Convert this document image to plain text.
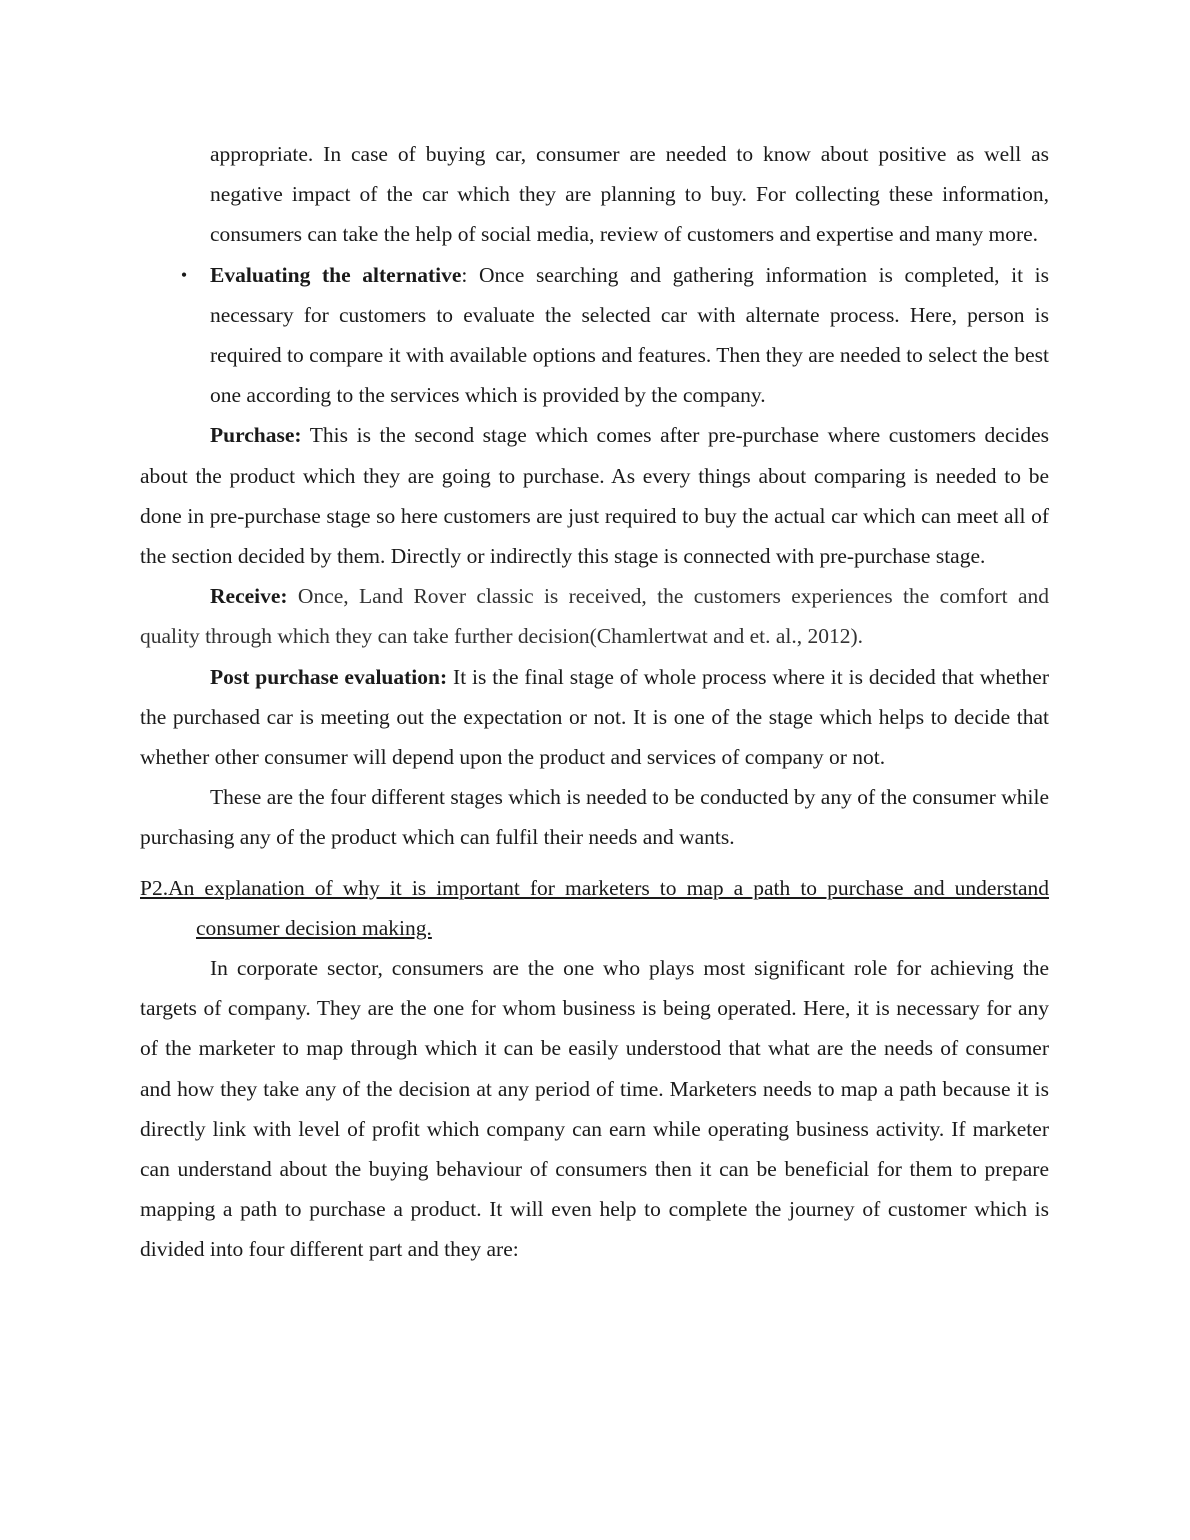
appropriate. In case of buying car, consumer are needed to know about positive as well as negative impact of the car which they are planning to buy. For collecting these information, consumers can take the help of social media, review of customers and expertise and many more.

•	Evaluating the alternative: Once searching and gathering information is completed, it is necessary for customers to evaluate the selected car with alternate process. Here, person is required to compare it with available options and features. Then they are needed to select the best one according to the services which is provided by the company.

Purchase: This is the second stage which comes after pre-purchase where customers decides about the product which they are going to purchase. As every things about comparing is needed to be done in pre-purchase stage so here customers are just required to buy the actual car which can meet all of the section decided by them. Directly or indirectly this stage is connected with pre-purchase stage.

Receive: Once, Land Rover classic is received, the customers experiences the comfort and quality through which they can take further decision(Chamlertwat and et. al., 2012).

Post purchase evaluation: It is the final stage of whole process where it is decided that whether the purchased car is meeting out the expectation or not. It is one of the stage which helps to decide that whether other consumer will depend upon the product and services of company or not.

These are the four different stages which is needed to be conducted by any of the consumer while purchasing any of the product which can fulfil their needs and wants.

P2.An explanation of why it is important for marketers to map a path to purchase and understand consumer decision making.

In corporate sector, consumers are the one who plays most significant role for achieving the targets of company. They are the one for whom business is being operated. Here, it is necessary for any of the marketer to map through which it can be easily understood that what are the needs of consumer and how they take any of the decision at any period of time. Marketers needs to map a path because it is directly link with level of profit which company can earn while operating business activity. If marketer can understand about the buying behaviour of consumers then it can be beneficial for them to prepare mapping a path to purchase a product. It will even help to complete the journey of customer which is divided into four different part and they are:
